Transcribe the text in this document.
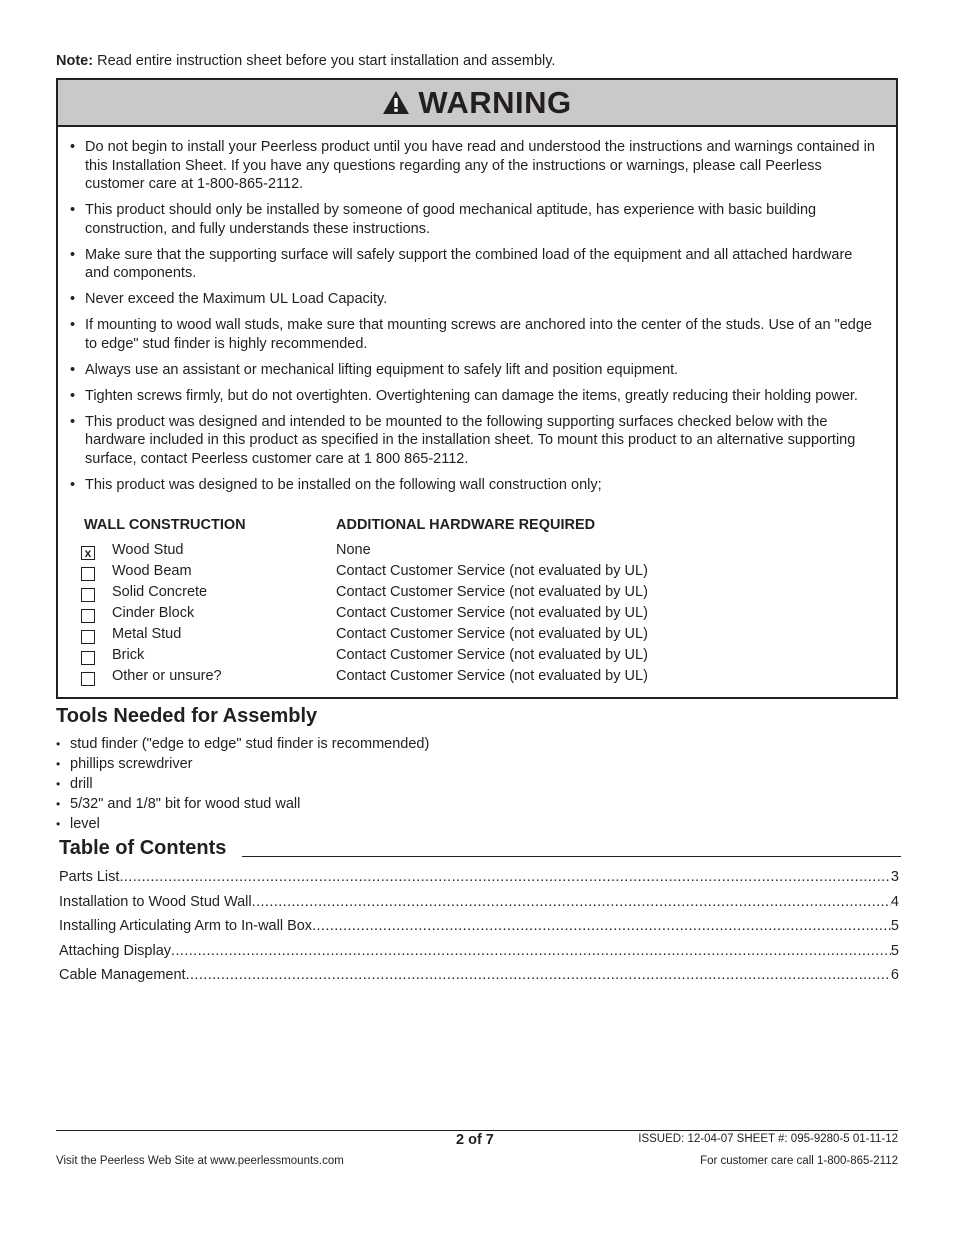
Note: Read entire instruction sheet before you start installation and assembly.
WARNING
• Do not begin to install your Peerless product until you have read and understood the instructions and warnings contained in this Installation Sheet. If you have any questions regarding any of the instructions or warnings, please call Peerless customer care at 1-800-865-2112.
• This product should only be installed by someone of good mechanical aptitude, has experience with basic building construction, and fully understands these instructions.
• Make sure that the supporting surface will safely support the combined load of the equipment and all attached hardware and components.
• Never exceed the Maximum UL Load Capacity.
• If mounting to wood wall studs, make sure that mounting screws are anchored into the center of the studs. Use of an "edge to edge" stud finder is highly recommended.
• Always use an assistant or mechanical lifting equipment to safely lift and position equipment.
• Tighten screws firmly, but do not overtighten. Overtightening can damage the items, greatly reducing their holding power.
• This product was designed and intended to be mounted to the following supporting surfaces checked below with the hardware included in this product as specified in the installation sheet. To mount this product to an alternative supporting surface, contact Peerless customer care at 1 800 865-2112.
• This product was designed to be installed on the following wall construction only;
WALL CONSTRUCTION	ADDITIONAL HARDWARE REQUIRED
x Wood Stud	None
Wood Beam	Contact Customer Service (not evaluated by UL)
Solid Concrete	Contact Customer Service (not evaluated by UL)
Cinder Block	Contact Customer Service (not evaluated by UL)
Metal Stud	Contact Customer Service (not evaluated by UL)
Brick	Contact Customer Service (not evaluated by UL)
Other or unsure?	Contact Customer Service (not evaluated by UL)
Tools Needed for Assembly
• stud finder ("edge to edge" stud finder is recommended)
• phillips screwdriver
• drill
• 5/32" and 1/8" bit for wood stud wall
• level
Table of Contents
Parts List .....	3
Installation to Wood Stud Wall .....	4
Installing Articulating Arm to In-wall Box .....	5
Attaching Display .....	5
Cable Management .....	6
2 of 7	ISSUED: 12-04-07 SHEET #: 095-9280-5 01-11-12
Visit the Peerless Web Site at www.peerlessmounts.com	For customer care call 1-800-865-2112
